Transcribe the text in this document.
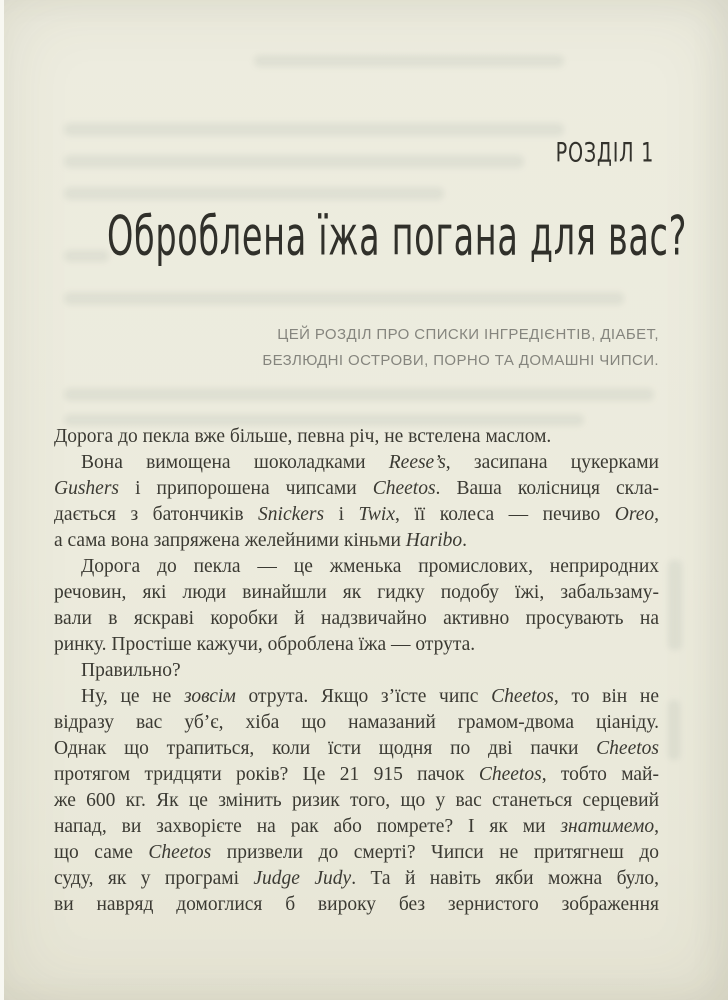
РОЗДІЛ 1
Оброблена їжа погана для вас?
ЦЕЙ РОЗДІЛ ПРО СПИСКИ ІНГРЕДІЄНТІВ, ДІАБЕТ,
БЕЗЛЮДНІ ОСТРОВИ, ПОРНО ТА ДОМАШНІ ЧИПСИ.
Дорога до пекла вже більше, певна річ, не встелена маслом.
Вона вимощена шоколадками Reese’s, засипана цукерками
Gushers і припорошена чипсами Cheetos. Ваша колісниця скла-
дається з батончиків Snickers і Twix, її колеса — печиво Oreo,
а сама вона запряжена желейними кіньми Haribo.
Дорога до пекла — це жменька промислових, неприродних
речовин, які люди винайшли як гидку подобу їжі, забальзаму-
вали в яскраві коробки й надзвичайно активно просувають на
ринку. Простіше кажучи, оброблена їжа — отрута.
Правильно?
Ну, це не зовсім отрута. Якщо з’їсте чипс Cheetos, то він не
відразу вас уб’є, хіба що намазаний грамом-двома ціаніду.
Однак що трапиться, коли їсти щодня по дві пачки Cheetos
протягом тридцяти років? Це 21 915 пачок Cheetos, тобто май-
же 600 кг. Як це змінить ризик того, що у вас станеться серцевий
напад, ви захворієте на рак або помрете? І як ми знатимемо,
що саме Cheetos призвели до смерті? Чипси не притягнеш до
суду, як у програмі Judge Judy. Та й навіть якби можна було,
ви навряд домоглися б вироку без зернистого зображення
